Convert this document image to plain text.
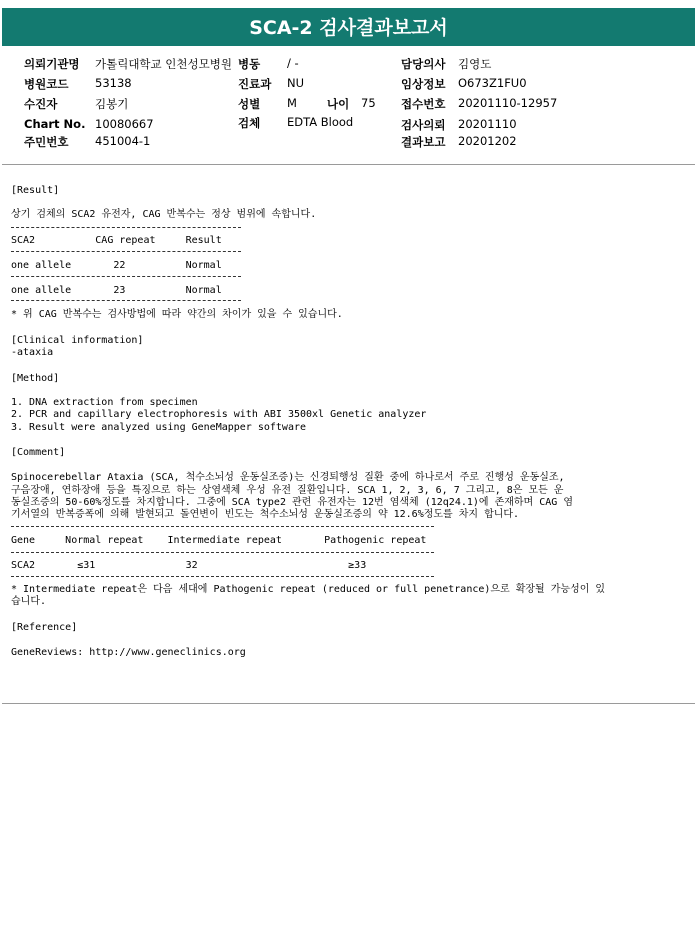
SCA-2 검사결과보고서
의뢰기관명 가톨릭대학교 인천성모병원 병동 / -	담당의사 김영도
병원코드 53138	진료과 NU	임상정보 O673Z1FU0
수진자	김봉기	성별 M	나이 75 접수번호 20201110-12957
Chart No. 10080667	검체 EDTA Blood	검사의뢰 20201110
주민번호 451004-1	결과보고 20201202
[Result]
상기 검체의 SCA2 유전자, CAG 반복수는 정상 범위에 속합니다.
SCA2          CAG repeat     Result
one allele       22          Normal
one allele       23          Normal
* 위 CAG 반복수는 검사방법에 따라 약간의 차이가 있을 수 있습니다.
[Clinical information]
-ataxia
[Method]
1. DNA extraction from specimen
2. PCR and capillary electrophoresis with ABI 3500xl Genetic analyzer
3. Result were analyzed using GeneMapper software
[Comment]
Spinocerebellar Ataxia (SCA, 척수소뇌성 운동실조증)는 신경퇴행성 질환 중에 하나로서 주로 진행성 운동실조,
구음장애, 연하장애 등을 특징으로 하는 상염색체 우성 유전 질환입니다. SCA 1, 2, 3, 6, 7 그리고, 8은 모든 운
동실조증의 50-60%정도를 차지합니다. 그중에 SCA type2 관련 유전자는 12번 염색체 (12q24.1)에 존재하며 CAG 염
기서열의 반복증폭에 의해 발현되고 돌연변이 빈도는 척수소뇌성 운동실조증의 약 12.6%정도를 차지 합니다.
Gene     Normal repeat    Intermediate repeat       Pathogenic repeat
SCA2       ≤31               32                         ≥33
* Intermediate repeat은 다음 세대에 Pathogenic repeat (reduced or full penetrance)으로 확장될 가능성이 있
습니다.
[Reference]
GeneReviews: http://www.geneclinics.org
